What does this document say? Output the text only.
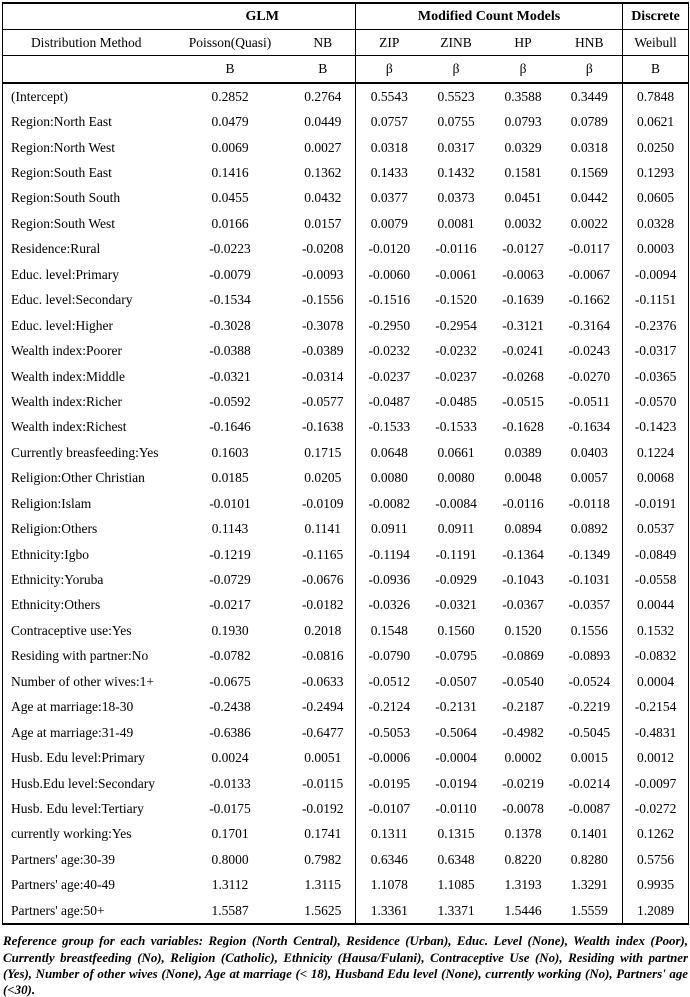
	GLM		Modified Count Models				Discrete
Distribution Method	Poisson(Quasi)	NB	ZIP	ZINB	HP	HNB	Weibull
	B	B	β	β	β	β	B
(Intercept)	0.2852	0.2764	0.5543	0.5523	0.3588	0.3449	0.7848
Region:North East	0.0479	0.0449	0.0757	0.0755	0.0793	0.0789	0.0621
Region:North West	0.0069	0.0027	0.0318	0.0317	0.0329	0.0318	0.0250
Region:South East	0.1416	0.1362	0.1433	0.1432	0.1581	0.1569	0.1293
Region:South South	0.0455	0.0432	0.0377	0.0373	0.0451	0.0442	0.0605
Region:South West	0.0166	0.0157	0.0079	0.0081	0.0032	0.0022	0.0328
Residence:Rural	-0.0223	-0.0208	-0.0120	-0.0116	-0.0127	-0.0117	0.0003
Educ. level:Primary	-0.0079	-0.0093	-0.0060	-0.0061	-0.0063	-0.0067	-0.0094
Educ. level:Secondary	-0.1534	-0.1556	-0.1516	-0.1520	-0.1639	-0.1662	-0.1151
Educ. level:Higher	-0.3028	-0.3078	-0.2950	-0.2954	-0.3121	-0.3164	-0.2376
Wealth index:Poorer	-0.0388	-0.0389	-0.0232	-0.0232	-0.0241	-0.0243	-0.0317
Wealth index:Middle	-0.0321	-0.0314	-0.0237	-0.0237	-0.0268	-0.0270	-0.0365
Wealth index:Richer	-0.0592	-0.0577	-0.0487	-0.0485	-0.0515	-0.0511	-0.0570
Wealth index:Richest	-0.1646	-0.1638	-0.1533	-0.1533	-0.1628	-0.1634	-0.1423
Currently breasfeeding:Yes	0.1603	0.1715	0.0648	0.0661	0.0389	0.0403	0.1224
Religion:Other Christian	0.0185	0.0205	0.0080	0.0080	0.0048	0.0057	0.0068
Religion:Islam	-0.0101	-0.0109	-0.0082	-0.0084	-0.0116	-0.0118	-0.0191
Religion:Others	0.1143	0.1141	0.0911	0.0911	0.0894	0.0892	0.0537
Ethnicity:Igbo	-0.1219	-0.1165	-0.1194	-0.1191	-0.1364	-0.1349	-0.0849
Ethnicity:Yoruba	-0.0729	-0.0676	-0.0936	-0.0929	-0.1043	-0.1031	-0.0558
Ethnicity:Others	-0.0217	-0.0182	-0.0326	-0.0321	-0.0367	-0.0357	0.0044
Contraceptive use:Yes	0.1930	0.2018	0.1548	0.1560	0.1520	0.1556	0.1532
Residing with partner:No	-0.0782	-0.0816	-0.0790	-0.0795	-0.0869	-0.0893	-0.0832
Number of other wives:1+	-0.0675	-0.0633	-0.0512	-0.0507	-0.0540	-0.0524	0.0004
Age at marriage:18-30	-0.2438	-0.2494	-0.2124	-0.2131	-0.2187	-0.2219	-0.2154
Age at marriage:31-49	-0.6386	-0.6477	-0.5053	-0.5064	-0.4982	-0.5045	-0.4831
Husb. Edu level:Primary	0.0024	0.0051	-0.0006	-0.0004	0.0002	0.0015	0.0012
Husb.Edu level:Secondary	-0.0133	-0.0115	-0.0195	-0.0194	-0.0219	-0.0214	-0.0097
Husb. Edu level:Tertiary	-0.0175	-0.0192	-0.0107	-0.0110	-0.0078	-0.0087	-0.0272
currently working:Yes	0.1701	0.1741	0.1311	0.1315	0.1378	0.1401	0.1262
Partners' age:30-39	0.8000	0.7982	0.6346	0.6348	0.8220	0.8280	0.5756
Partners' age:40-49	1.3112	1.3115	1.1078	1.1085	1.3193	1.3291	0.9935
Partners' age:50+	1.5587	1.5625	1.3361	1.3371	1.5446	1.5559	1.2089

Reference group for each variables: Region (North Central), Residence (Urban), Educ. Level (None), Wealth index (Poor), Currently breastfeeding (No), Religion (Catholic), Ethnicity (Hausa/Fulani), Contraceptive Use (No), Residing with partner (Yes), Number of other wives (None), Age at marriage (< 18), Husband Edu level (None), currently working (No), Partners' age (<30).
